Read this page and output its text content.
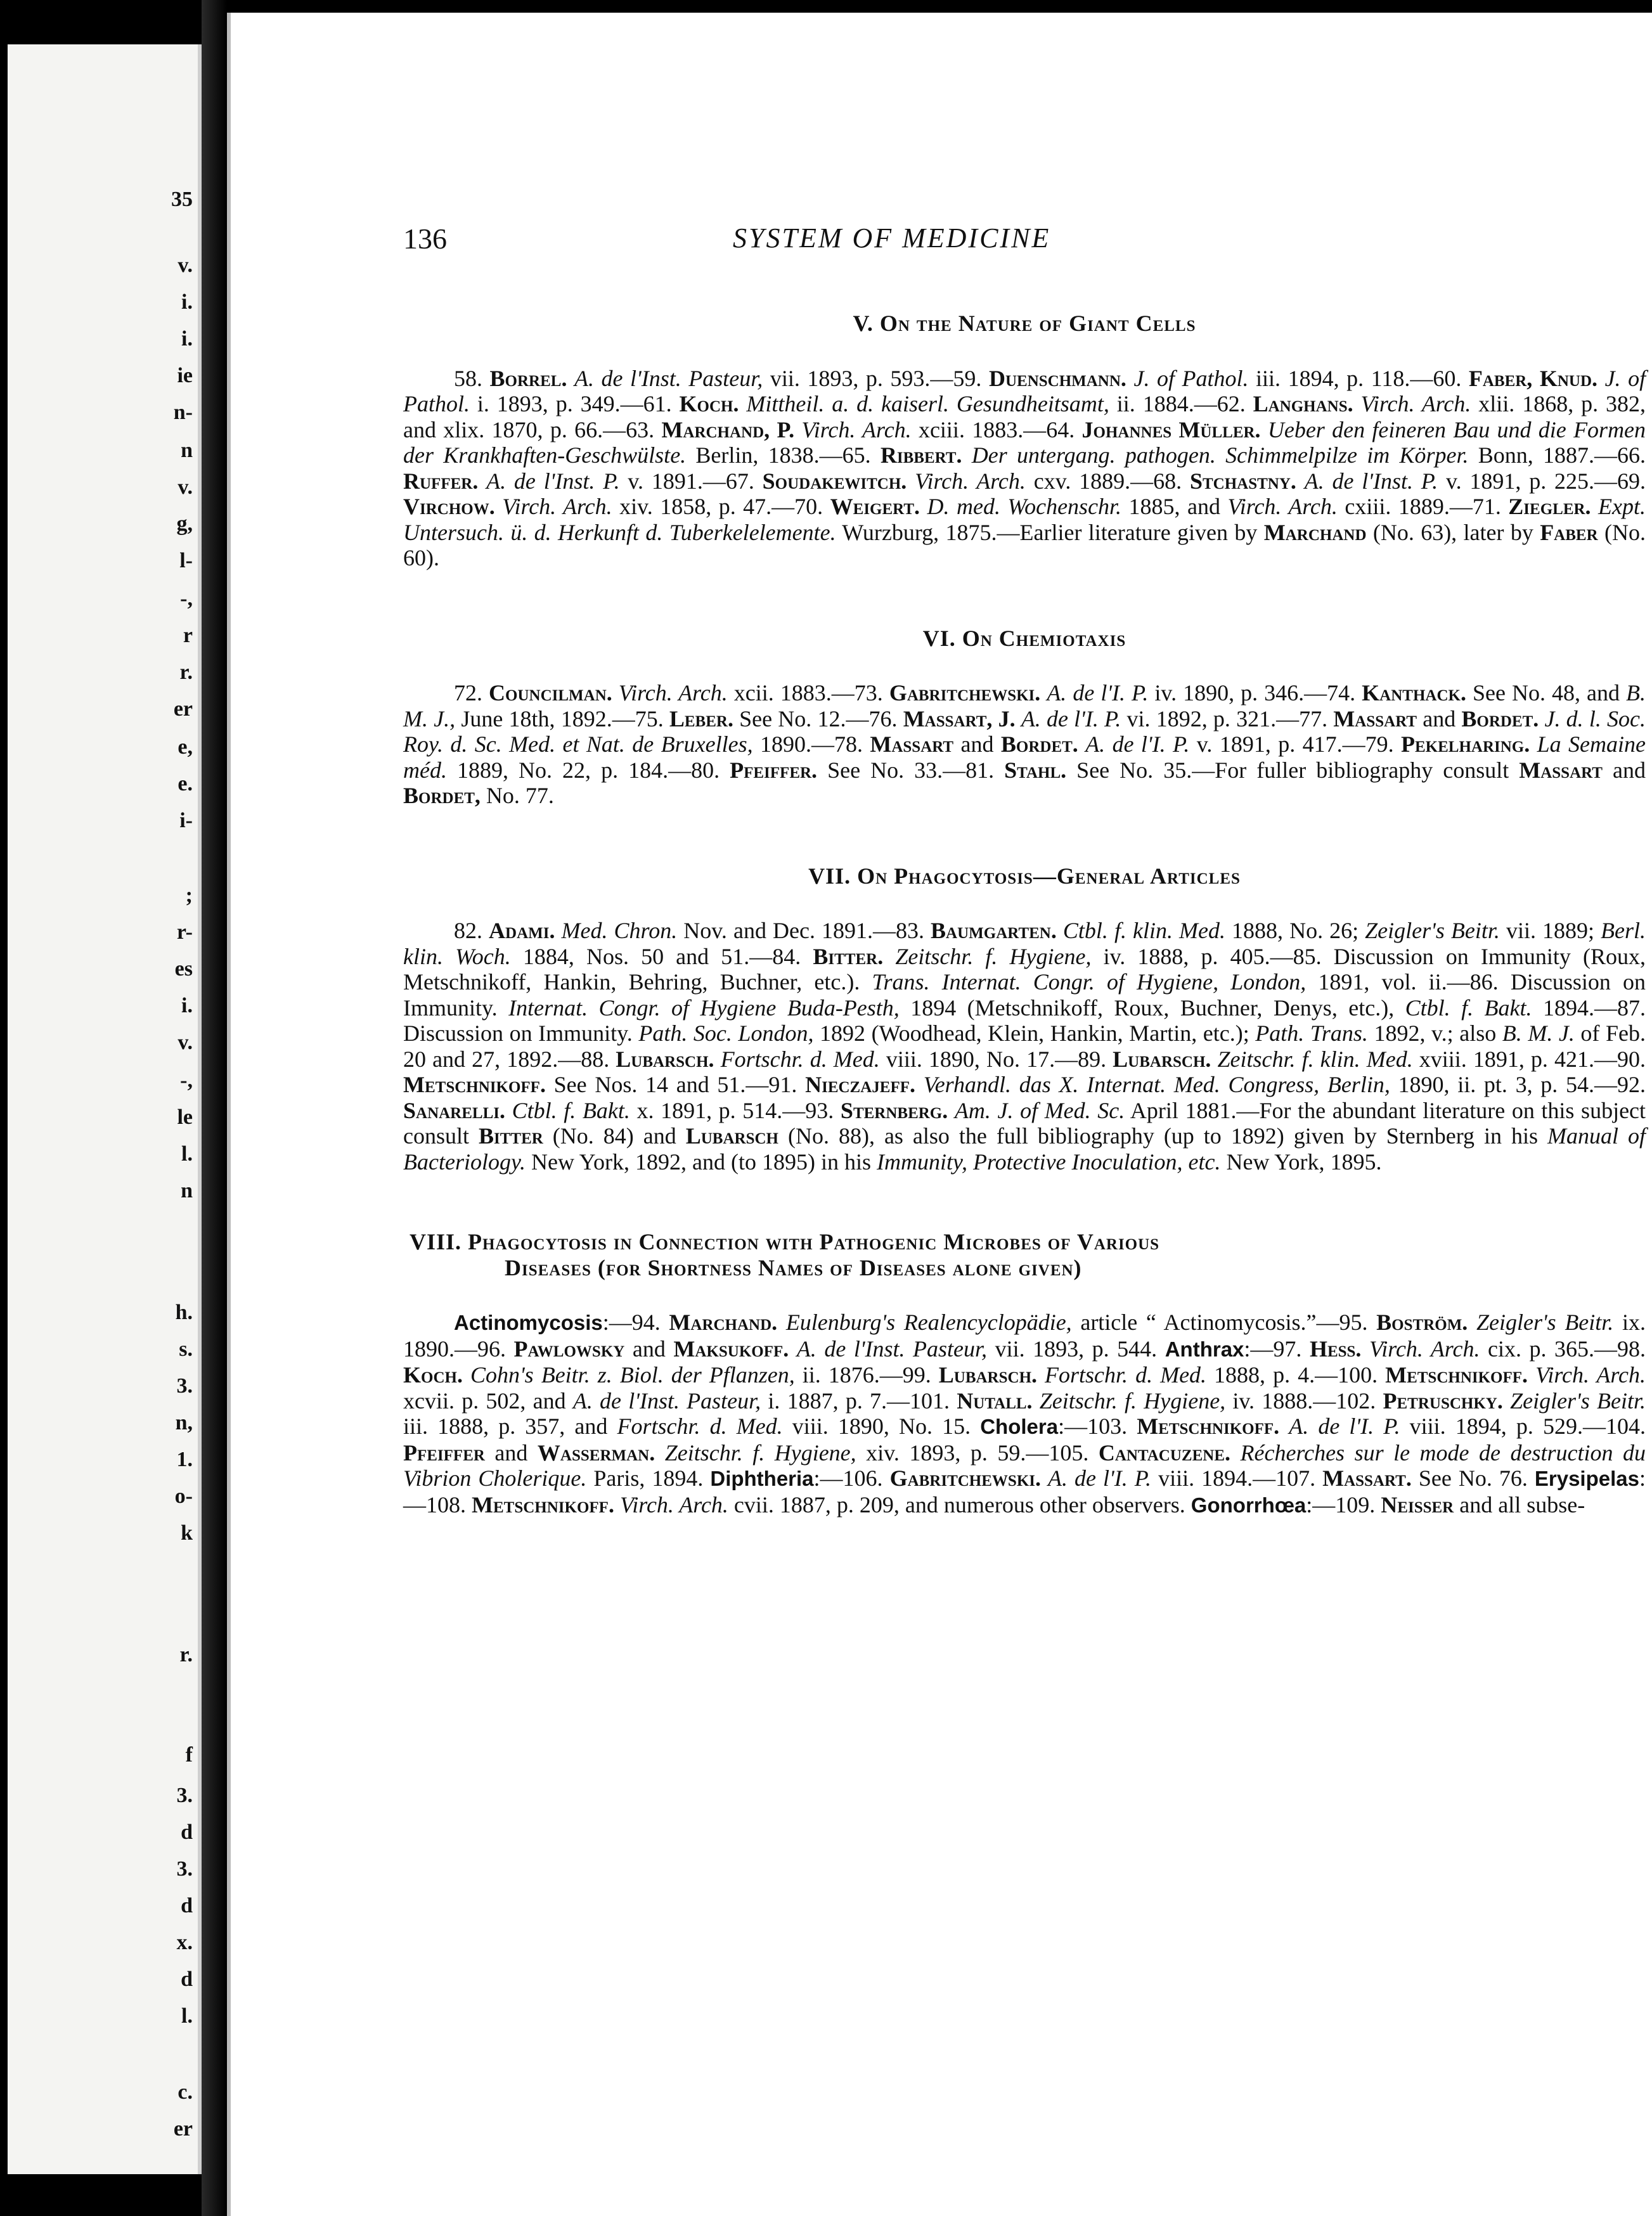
35
v.
i.
i.
ie
n-
n
v.
g,
l-
-,
r
r.
er
e,
e.
i-
;
r-
es
i.
v.
-,
le
l.
n
h.
s.
3.
n,
1.
o-
k
r.
f
3.
d
3.
d
x.
d
l.
c.
er
136	SYSTEM OF MEDICINE
V. On the Nature of Giant Cells
58. Borrel. A. de l'Inst. Pasteur, vii. 1893, p. 593.—59. Duenschmann. J. of Pathol. iii. 1894, p. 118.—60. Faber, Knud. J. of Pathol. i. 1893, p. 349.—61. Koch. Mittheil. a. d. kaiserl. Gesundheitsamt, ii. 1884.—62. Langhans. Virch. Arch. xlii. 1868, p. 382, and xlix. 1870, p. 66.—63. Marchand, P. Virch. Arch. xciii. 1883.—64. Johannes Müller. Ueber den feineren Bau und die Formen der Krankhaften-Geschwülste. Berlin, 1838.—65. Ribbert. Der untergang. pathogen. Schimmelpilze im Körper. Bonn, 1887.—66. Ruffer. A. de l'Inst. P. v. 1891.—67. Soudakewitch. Virch. Arch. cxv. 1889.—68. Stchastny. A. de l'Inst. P. v. 1891, p. 225.—69. Virchow. Virch. Arch. xiv. 1858, p. 47.—70. Weigert. D. med. Wochenschr. 1885, and Virch. Arch. cxiii. 1889.—71. Ziegler. Expt. Untersuch. ü. d. Herkunft d. Tuberkelelemente. Wurzburg, 1875.—Earlier literature given by Marchand (No. 63), later by Faber (No. 60).
VI. On Chemiotaxis
72. Councilman. Virch. Arch. xcii. 1883.—73. Gabritchewski. A. de l'I. P. iv. 1890, p. 346.—74. Kanthack. See No. 48, and B. M. J., June 18th, 1892.—75. Leber. See No. 12.—76. Massart, J. A. de l'I. P. vi. 1892, p. 321.—77. Massart and Bordet. J. d. l. Soc. Roy. d. Sc. Med. et Nat. de Bruxelles, 1890.—78. Massart and Bordet. A. de l'I. P. v. 1891, p. 417.—79. Pekelharing. La Semaine méd. 1889, No. 22, p. 184.—80. Pfeiffer. See No. 33.—81. Stahl. See No. 35.—For fuller bibliography consult Massart and Bordet, No. 77.
VII. On Phagocytosis—General Articles
82. Adami. Med. Chron. Nov. and Dec. 1891.—83. Baumgarten. Ctbl. f. klin. Med. 1888, No. 26; Zeigler's Beitr. vii. 1889; Berl. klin. Woch. 1884, Nos. 50 and 51.—84. Bitter. Zeitschr. f. Hygiene, iv. 1888, p. 405.—85. Discussion on Immunity (Roux, Metschnikoff, Hankin, Behring, Buchner, etc.). Trans. Internat. Congr. of Hygiene, London, 1891, vol. ii.—86. Discussion on Immunity. Internat. Congr. of Hygiene Buda-Pesth, 1894 (Metschnikoff, Roux, Buchner, Denys, etc.), Ctbl. f. Bakt. 1894.—87. Discussion on Immunity. Path. Soc. London, 1892 (Woodhead, Klein, Hankin, Martin, etc.); Path. Trans. 1892, v.; also B. M. J. of Feb. 20 and 27, 1892.—88. Lubarsch. Fortschr. d. Med. viii. 1890, No. 17.—89. Lubarsch. Zeitschr. f. klin. Med. xviii. 1891, p. 421.—90. Metschnikoff. See Nos. 14 and 51.—91. Nieczajeff. Verhandl. das X. Internat. Med. Congress, Berlin, 1890, ii. pt. 3, p. 54.—92. Sanarelli. Ctbl. f. Bakt. x. 1891, p. 514.—93. Sternberg. Am. J. of Med. Sc. April 1881.—For the abundant literature on this subject consult Bitter (No. 84) and Lubarsch (No. 88), as also the full bibliography (up to 1892) given by Sternberg in his Manual of Bacteriology. New York, 1892, and (to 1895) in his Immunity, Protective Inoculation, etc. New York, 1895.
VIII. Phagocytosis in Connection with Pathogenic Microbes of Various
Diseases (for Shortness Names of Diseases alone given)
Actinomycosis:—94. Marchand. Eulenburg's Realencyclopädie, article “ Actinomycosis.”—95. Boström. Zeigler's Beitr. ix. 1890.—96. Pawlowsky and Maksukoff. A. de l'Inst. Pasteur, vii. 1893, p. 544. Anthrax:—97. Hess. Virch. Arch. cix. p. 365.—98. Koch. Cohn's Beitr. z. Biol. der Pflanzen, ii. 1876.—99. Lubarsch. Fortschr. d. Med. 1888, p. 4.—100. Metschnikoff. Virch. Arch. xcvii. p. 502, and A. de l'Inst. Pasteur, i. 1887, p. 7.—101. Nutall. Zeitschr. f. Hygiene, iv. 1888.—102. Petruschky. Zeigler's Beitr. iii. 1888, p. 357, and Fortschr. d. Med. viii. 1890, No. 15. Cholera:—103. Metschnikoff. A. de l'I. P. viii. 1894, p. 529.—104. Pfeiffer and Wasserman. Zeitschr. f. Hygiene, xiv. 1893, p. 59.—105. Cantacuzene. Récherches sur le mode de destruction du Vibrion Cholerique. Paris, 1894. Diphtheria:—106. Gabritchewski. A. de l'I. P. viii. 1894.—107. Massart. See No. 76. Erysipelas:—108. Metschnikoff. Virch. Arch. cvii. 1887, p. 209, and numerous other observers. Gonorrhœa:—109. Neisser and all subse-
